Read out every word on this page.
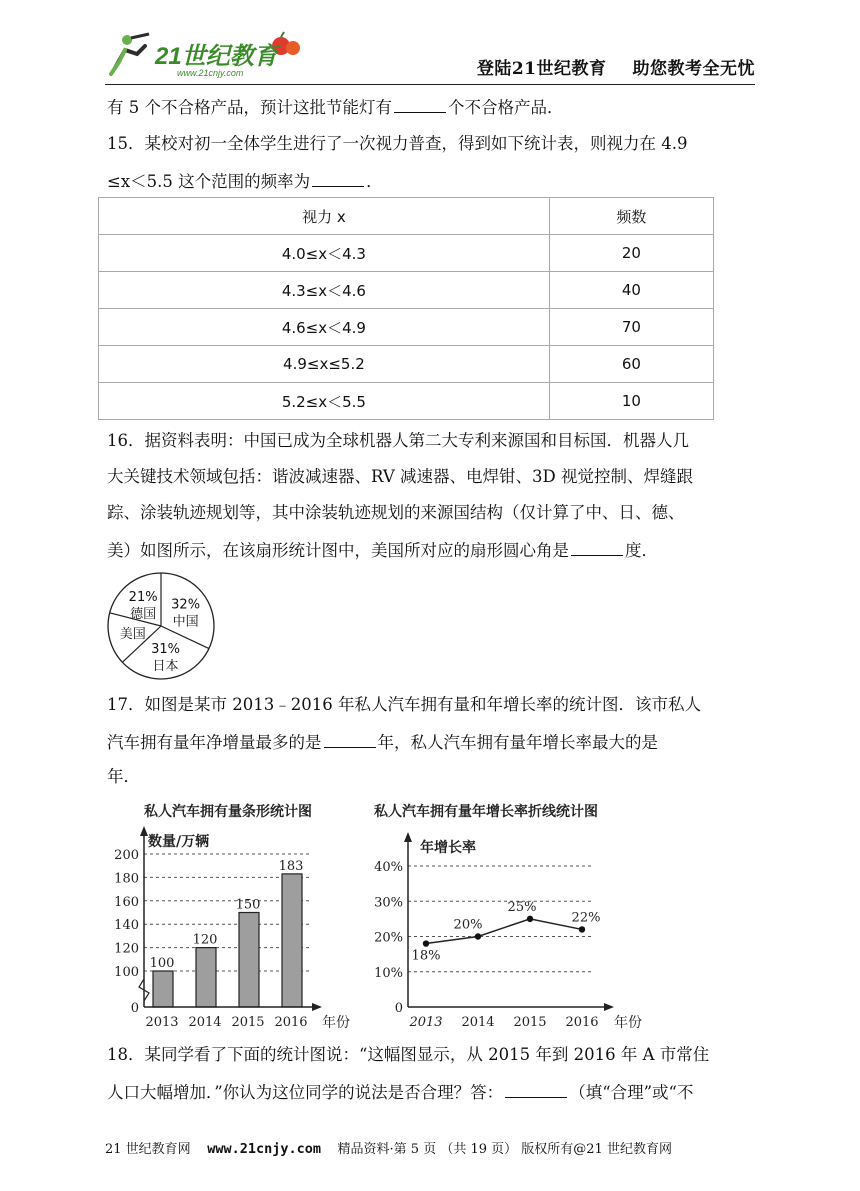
21世纪教育
www.21cnjy.com	登陆21世纪教育 助您教考全无忧
有 5 个不合格产品，预计这批节能灯有	个不合格产品．
15．某校对初一全体学生进行了一次视力普查，得到如下统计表，则视力在 4.9
≤x＜5.5 这个范围的频率为	．
视力 x	频数
4.0≤x＜4.3	20
4.3≤x＜4.6	40
4.6≤x＜4.9	70
4.9≤x≤5.2	60
5.2≤x＜5.5	10
16．据资料表明：中国已成为全球机器人第二大专利来源国和目标国．机器人几
大关键技术领域包括：谐波减速器、RV 减速器、电焊钳、3D 视觉控制、焊缝跟
踪、涂装轨迹规划等，其中涂装轨迹规划的来源国结构（仅计算了中、日、德、
美）如图所示，在该扇形统计图中，美国所对应的扇形圆心角是	度．
32%
中国
31%
日本
美国
21%
德国
17．如图是某市 2013﹣2016 年私人汽车拥有量和年增长率的统计图．该市私人
汽车拥有量年净增量最多的是	年，私人汽车拥有量年增长率最大的是
年．
私人汽车拥有量条形统计图
数量/万辆
0
100
120
140
160
180
200
2013 2014 2015 2016
100
120
150
183
年份
私人汽车拥有量年增长率折线统计图
年增长率
0
10%
20%
30%
40%
2013 2014 2015 2016
18%
20%
25%
22%
年份
18．某同学看了下面的统计图说：“这幅图显示，从 2015 年到 2016 年 A 市常住
人口大幅增加．”你认为这位同学的说法是否合理？答：	（填“合理”或“不
21 世纪教育网 www.21cnjy.com 精品资料·第 5 页 （共 19 页） 版权所有@21 世纪教育网
